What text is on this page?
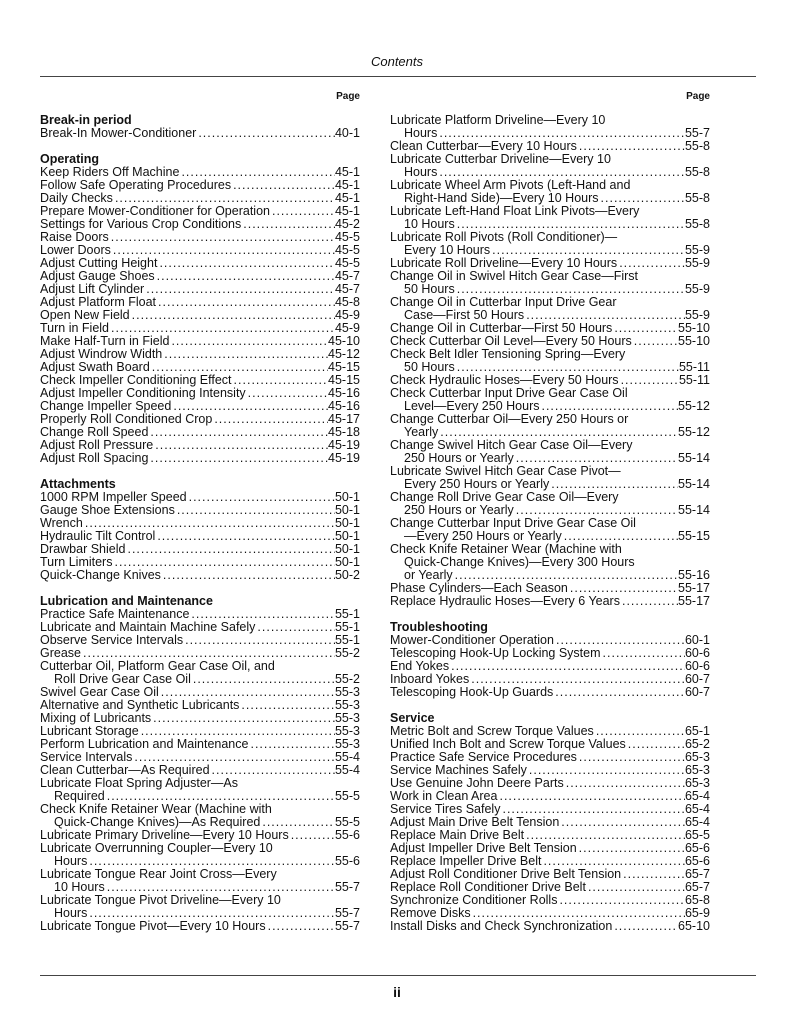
Contents
Page
Break-in period
Break-In Mower-Conditioner .....	40-1
Operating
Keep Riders Off Machine .....	45-1
Follow Safe Operating Procedures .....	45-1
Daily Checks .....	45-1
Prepare Mower-Conditioner for Operation .....	45-1
Settings for Various Crop Conditions .....	45-2
Raise Doors .....	45-5
Lower Doors .....	45-5
Adjust Cutting Height .....	45-5
Adjust Gauge Shoes .....	45-7
Adjust Lift Cylinder .....	45-7
Adjust Platform Float .....	45-8
Open New Field .....	45-9
Turn in Field .....	45-9
Make Half-Turn in Field .....	45-10
Adjust Windrow Width .....	45-12
Adjust Swath Board .....	45-15
Check Impeller Conditioning Effect .....	45-15
Adjust Impeller Conditioning Intensity .....	45-16
Change Impeller Speed .....	45-16
Properly Roll Conditioned Crop .....	45-17
Change Roll Speed .....	45-18
Adjust Roll Pressure .....	45-19
Adjust Roll Spacing .....	45-19
Attachments
1000 RPM Impeller Speed .....	50-1
Gauge Shoe Extensions .....	50-1
Wrench .....	50-1
Hydraulic Tilt Control .....	50-1
Drawbar Shield .....	50-1
Turn Limiters .....	50-1
Quick-Change Knives .....	50-2
Lubrication and Maintenance
Practice Safe Maintenance .....	55-1
Lubricate and Maintain Machine Safely .....	55-1
Observe Service Intervals .....	55-1
Grease .....	55-2
Cutterbar Oil, Platform Gear Case Oil, and
Roll Drive Gear Case Oil .....	55-2
Swivel Gear Case Oil .....	55-3
Alternative and Synthetic Lubricants .....	55-3
Mixing of Lubricants .....	55-3
Lubricant Storage .....	55-3
Perform Lubrication and Maintenance .....	55-3
Service Intervals .....	55-4
Clean Cutterbar—As Required .....	55-4
Lubricate Float Spring Adjuster—As
Required .....	55-5
Check Knife Retainer Wear (Machine with
Quick-Change Knives)—As Required .....	55-5
Lubricate Primary Driveline—Every 10 Hours .....	55-6
Lubricate Overrunning Coupler—Every 10
Hours .....	55-6
Lubricate Tongue Rear Joint Cross—Every
10 Hours .....	55-7
Lubricate Tongue Pivot Driveline—Every 10
Hours .....	55-7
Lubricate Tongue Pivot—Every 10 Hours .....	55-7
Page
Lubricate Platform Driveline—Every 10
Hours .....	55-7
Clean Cutterbar—Every 10 Hours .....	55-8
Lubricate Cutterbar Driveline—Every 10
Hours .....	55-8
Lubricate Wheel Arm Pivots (Left-Hand and
Right-Hand Side)—Every 10 Hours .....	55-8
Lubricate Left-Hand Float Link Pivots—Every
10 Hours .....	55-8
Lubricate Roll Pivots (Roll Conditioner)—
Every 10 Hours .....	55-9
Lubricate Roll Driveline—Every 10 Hours .....	55-9
Change Oil in Swivel Hitch Gear Case—First
50 Hours .....	55-9
Change Oil in Cutterbar Input Drive Gear
Case—First 50 Hours .....	55-9
Change Oil in Cutterbar—First 50 Hours .....	55-10
Check Cutterbar Oil Level—Every 50 Hours .....	55-10
Check Belt Idler Tensioning Spring—Every
50 Hours .....	55-11
Check Hydraulic Hoses—Every 50 Hours .....	55-11
Check Cutterbar Input Drive Gear Case Oil
Level—Every 250 Hours .....	55-12
Change Cutterbar Oil—Every 250 Hours or
Yearly .....	55-12
Change Swivel Hitch Gear Case Oil—Every
250 Hours or Yearly .....	55-14
Lubricate Swivel Hitch Gear Case Pivot—
Every 250 Hours or Yearly .....	55-14
Change Roll Drive Gear Case Oil—Every
250 Hours or Yearly .....	55-14
Change Cutterbar Input Drive Gear Case Oil
—Every 250 Hours or Yearly .....	55-15
Check Knife Retainer Wear (Machine with
Quick-Change Knives)—Every 300 Hours
or Yearly .....	55-16
Phase Cylinders—Each Season .....	55-17
Replace Hydraulic Hoses—Every 6 Years .....	55-17
Troubleshooting
Mower-Conditioner Operation .....	60-1
Telescoping Hook-Up Locking System .....	60-6
End Yokes .....	60-6
Inboard Yokes .....	60-7
Telescoping Hook-Up Guards .....	60-7
Service
Metric Bolt and Screw Torque Values .....	65-1
Unified Inch Bolt and Screw Torque Values .....	65-2
Practice Safe Service Procedures .....	65-3
Service Machines Safely .....	65-3
Use Genuine John Deere Parts .....	65-3
Work in Clean Area .....	65-4
Service Tires Safely .....	65-4
Adjust Main Drive Belt Tension .....	65-4
Replace Main Drive Belt .....	65-5
Adjust Impeller Drive Belt Tension .....	65-6
Replace Impeller Drive Belt .....	65-6
Adjust Roll Conditioner Drive Belt Tension .....	65-7
Replace Roll Conditioner Drive Belt .....	65-7
Synchronize Conditioner Rolls .....	65-8
Remove Disks .....	65-9
Install Disks and Check Synchronization .....	65-10
ii
